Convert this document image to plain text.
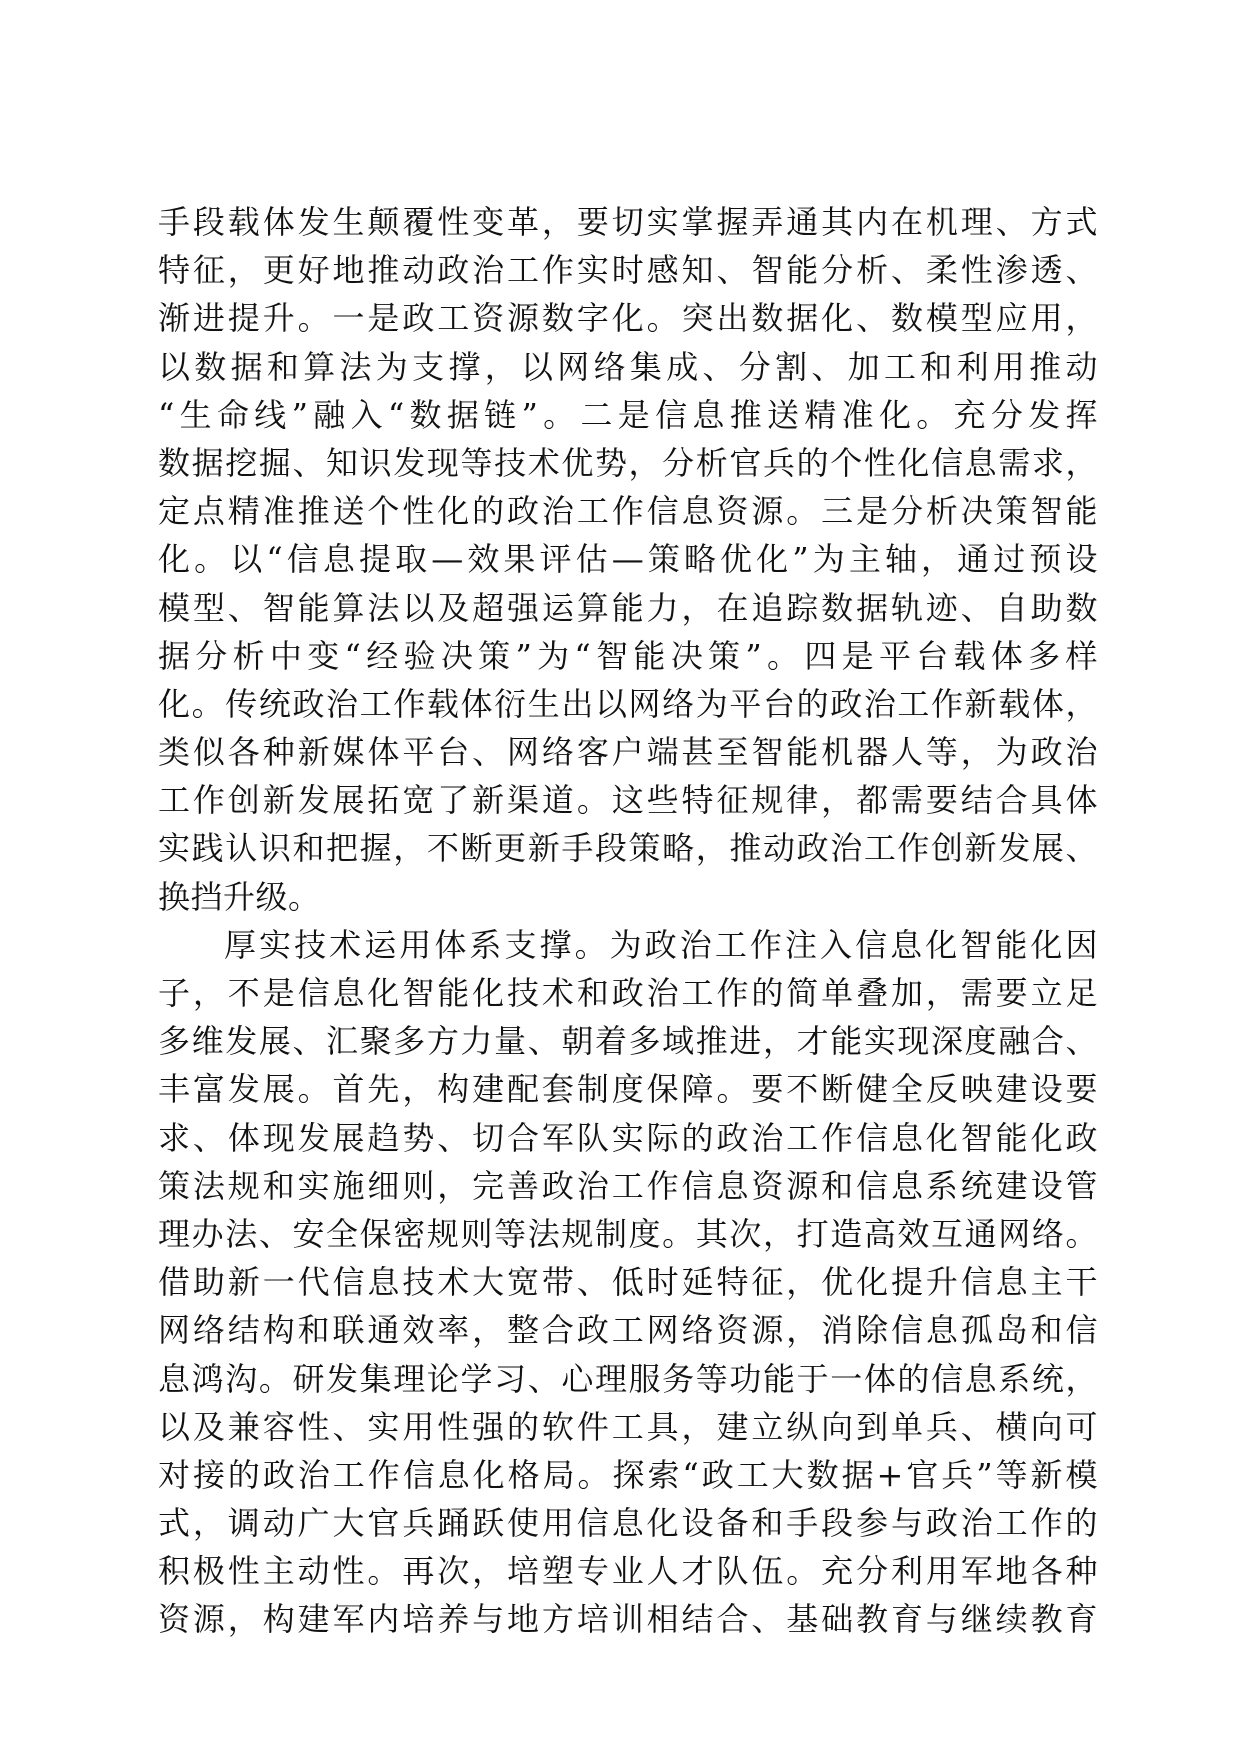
手段载体发生颠覆性变革，要切实掌握弄通其内在机理、方式
特征，更好地推动政治工作实时感知、智能分析、柔性渗透、
渐进提升。一是政工资源数字化。突出数据化、数模型应用，
以数据和算法为支撑，以网络集成、分割、加工和利用推动
“生命线”融入“数据链”。二是信息推送精准化。充分发挥
数据挖掘、知识发现等技术优势，分析官兵的个性化信息需求，
定点精准推送个性化的政治工作信息资源。三是分析决策智能
化。以“信息提取—效果评估—策略优化”为主轴，通过预设
模型、智能算法以及超强运算能力，在追踪数据轨迹、自助数
据分析中变“经验决策”为“智能决策”。四是平台载体多样
化。传统政治工作载体衍生出以网络为平台的政治工作新载体，
类似各种新媒体平台、网络客户端甚至智能机器人等，为政治
工作创新发展拓宽了新渠道。这些特征规律，都需要结合具体
实践认识和把握，不断更新手段策略，推动政治工作创新发展、
换挡升级。
厚实技术运用体系支撑。为政治工作注入信息化智能化因
子，不是信息化智能化技术和政治工作的简单叠加，需要立足
多维发展、汇聚多方力量、朝着多域推进，才能实现深度融合、
丰富发展。首先，构建配套制度保障。要不断健全反映建设要
求、体现发展趋势、切合军队实际的政治工作信息化智能化政
策法规和实施细则，完善政治工作信息资源和信息系统建设管
理办法、安全保密规则等法规制度。其次，打造高效互通网络。
借助新一代信息技术大宽带、低时延特征，优化提升信息主干
网络结构和联通效率，整合政工网络资源，消除信息孤岛和信
息鸿沟。研发集理论学习、心理服务等功能于一体的信息系统，
以及兼容性、实用性强的软件工具，建立纵向到单兵、横向可
对接的政治工作信息化格局。探索“政工大数据+官兵”等新模
式，调动广大官兵踊跃使用信息化设备和手段参与政治工作的
积极性主动性。再次，培塑专业人才队伍。充分利用军地各种
资源，构建军内培养与地方培训相结合、基础教育与继续教育
